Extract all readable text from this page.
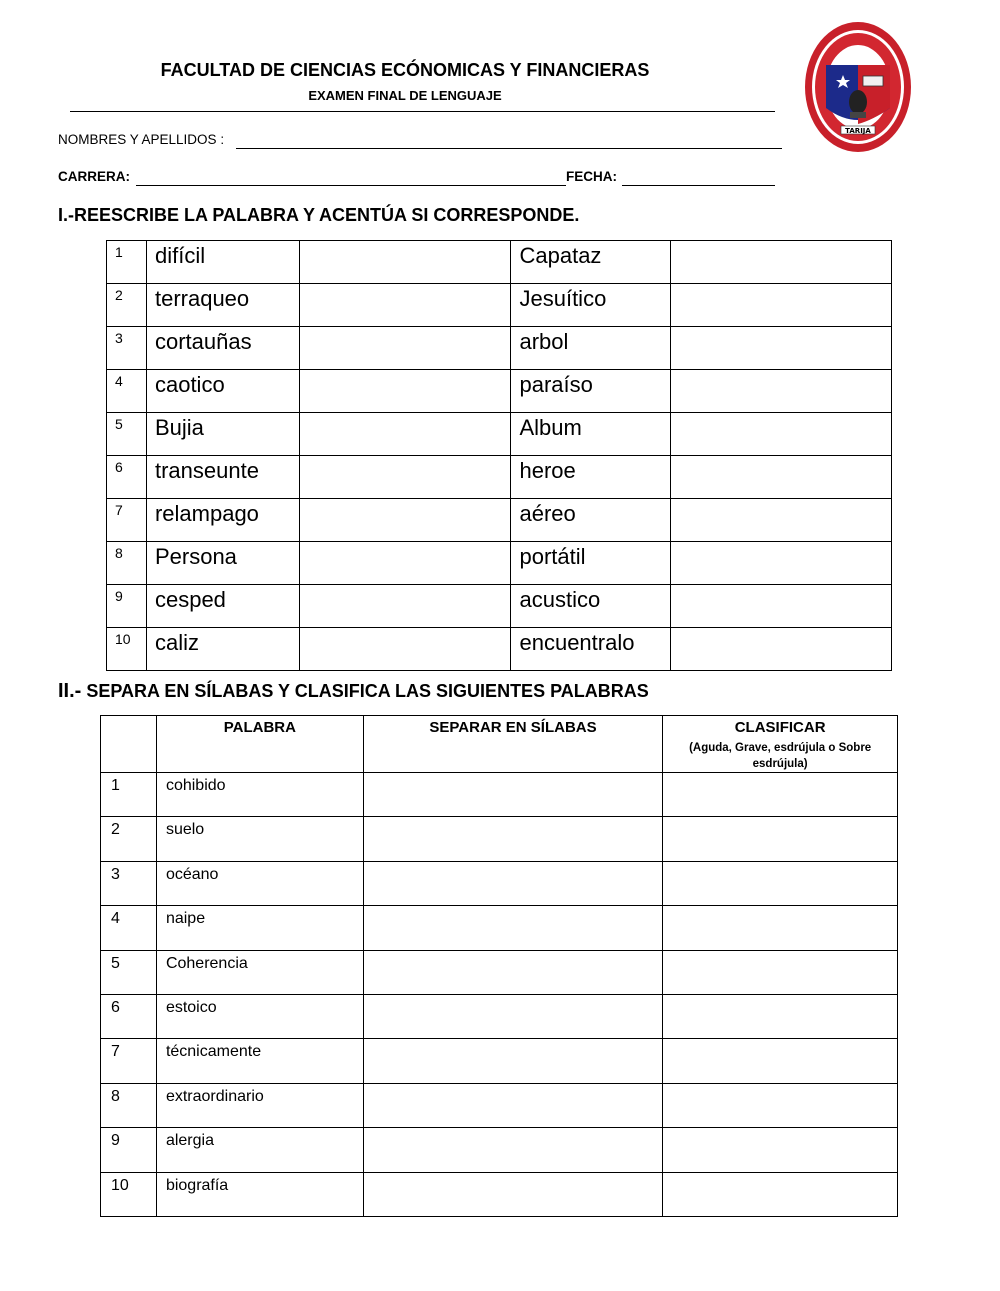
FACULTAD DE CIENCIAS ECÓNOMICAS Y FINANCIERAS
EXAMEN FINAL DE LENGUAJE
TARIJA
NOMBRES Y APELLIDOS :
CARRERA:	FECHA:
I.-REESCRIBE LA PALABRA Y ACENTÚA SI CORRESPONDE.
1	difícil		Capataz	
2	terraqueo		Jesuítico	
3	cortauñas		arbol	
4	caotico		paraíso	
5	Bujia		Album	
6	transeunte		heroe	
7	relampago		aéreo	
8	Persona		portátil	
9	cesped		acustico	
10	caliz		encuentralo	
II.- SEPARA EN SÍLABAS Y CLASIFICA LAS SIGUIENTES PALABRAS
	PALABRA	SEPARAR EN SÍLABAS	CLASIFICAR
(Aguda, Grave, esdrújula o Sobre esdrújula)

1	cohibido		
2	suelo		
3	océano		
4	naipe		
5	Coherencia		
6	estoico		
7	técnicamente		
8	extraordinario		
9	alergia		
10	biografía		
